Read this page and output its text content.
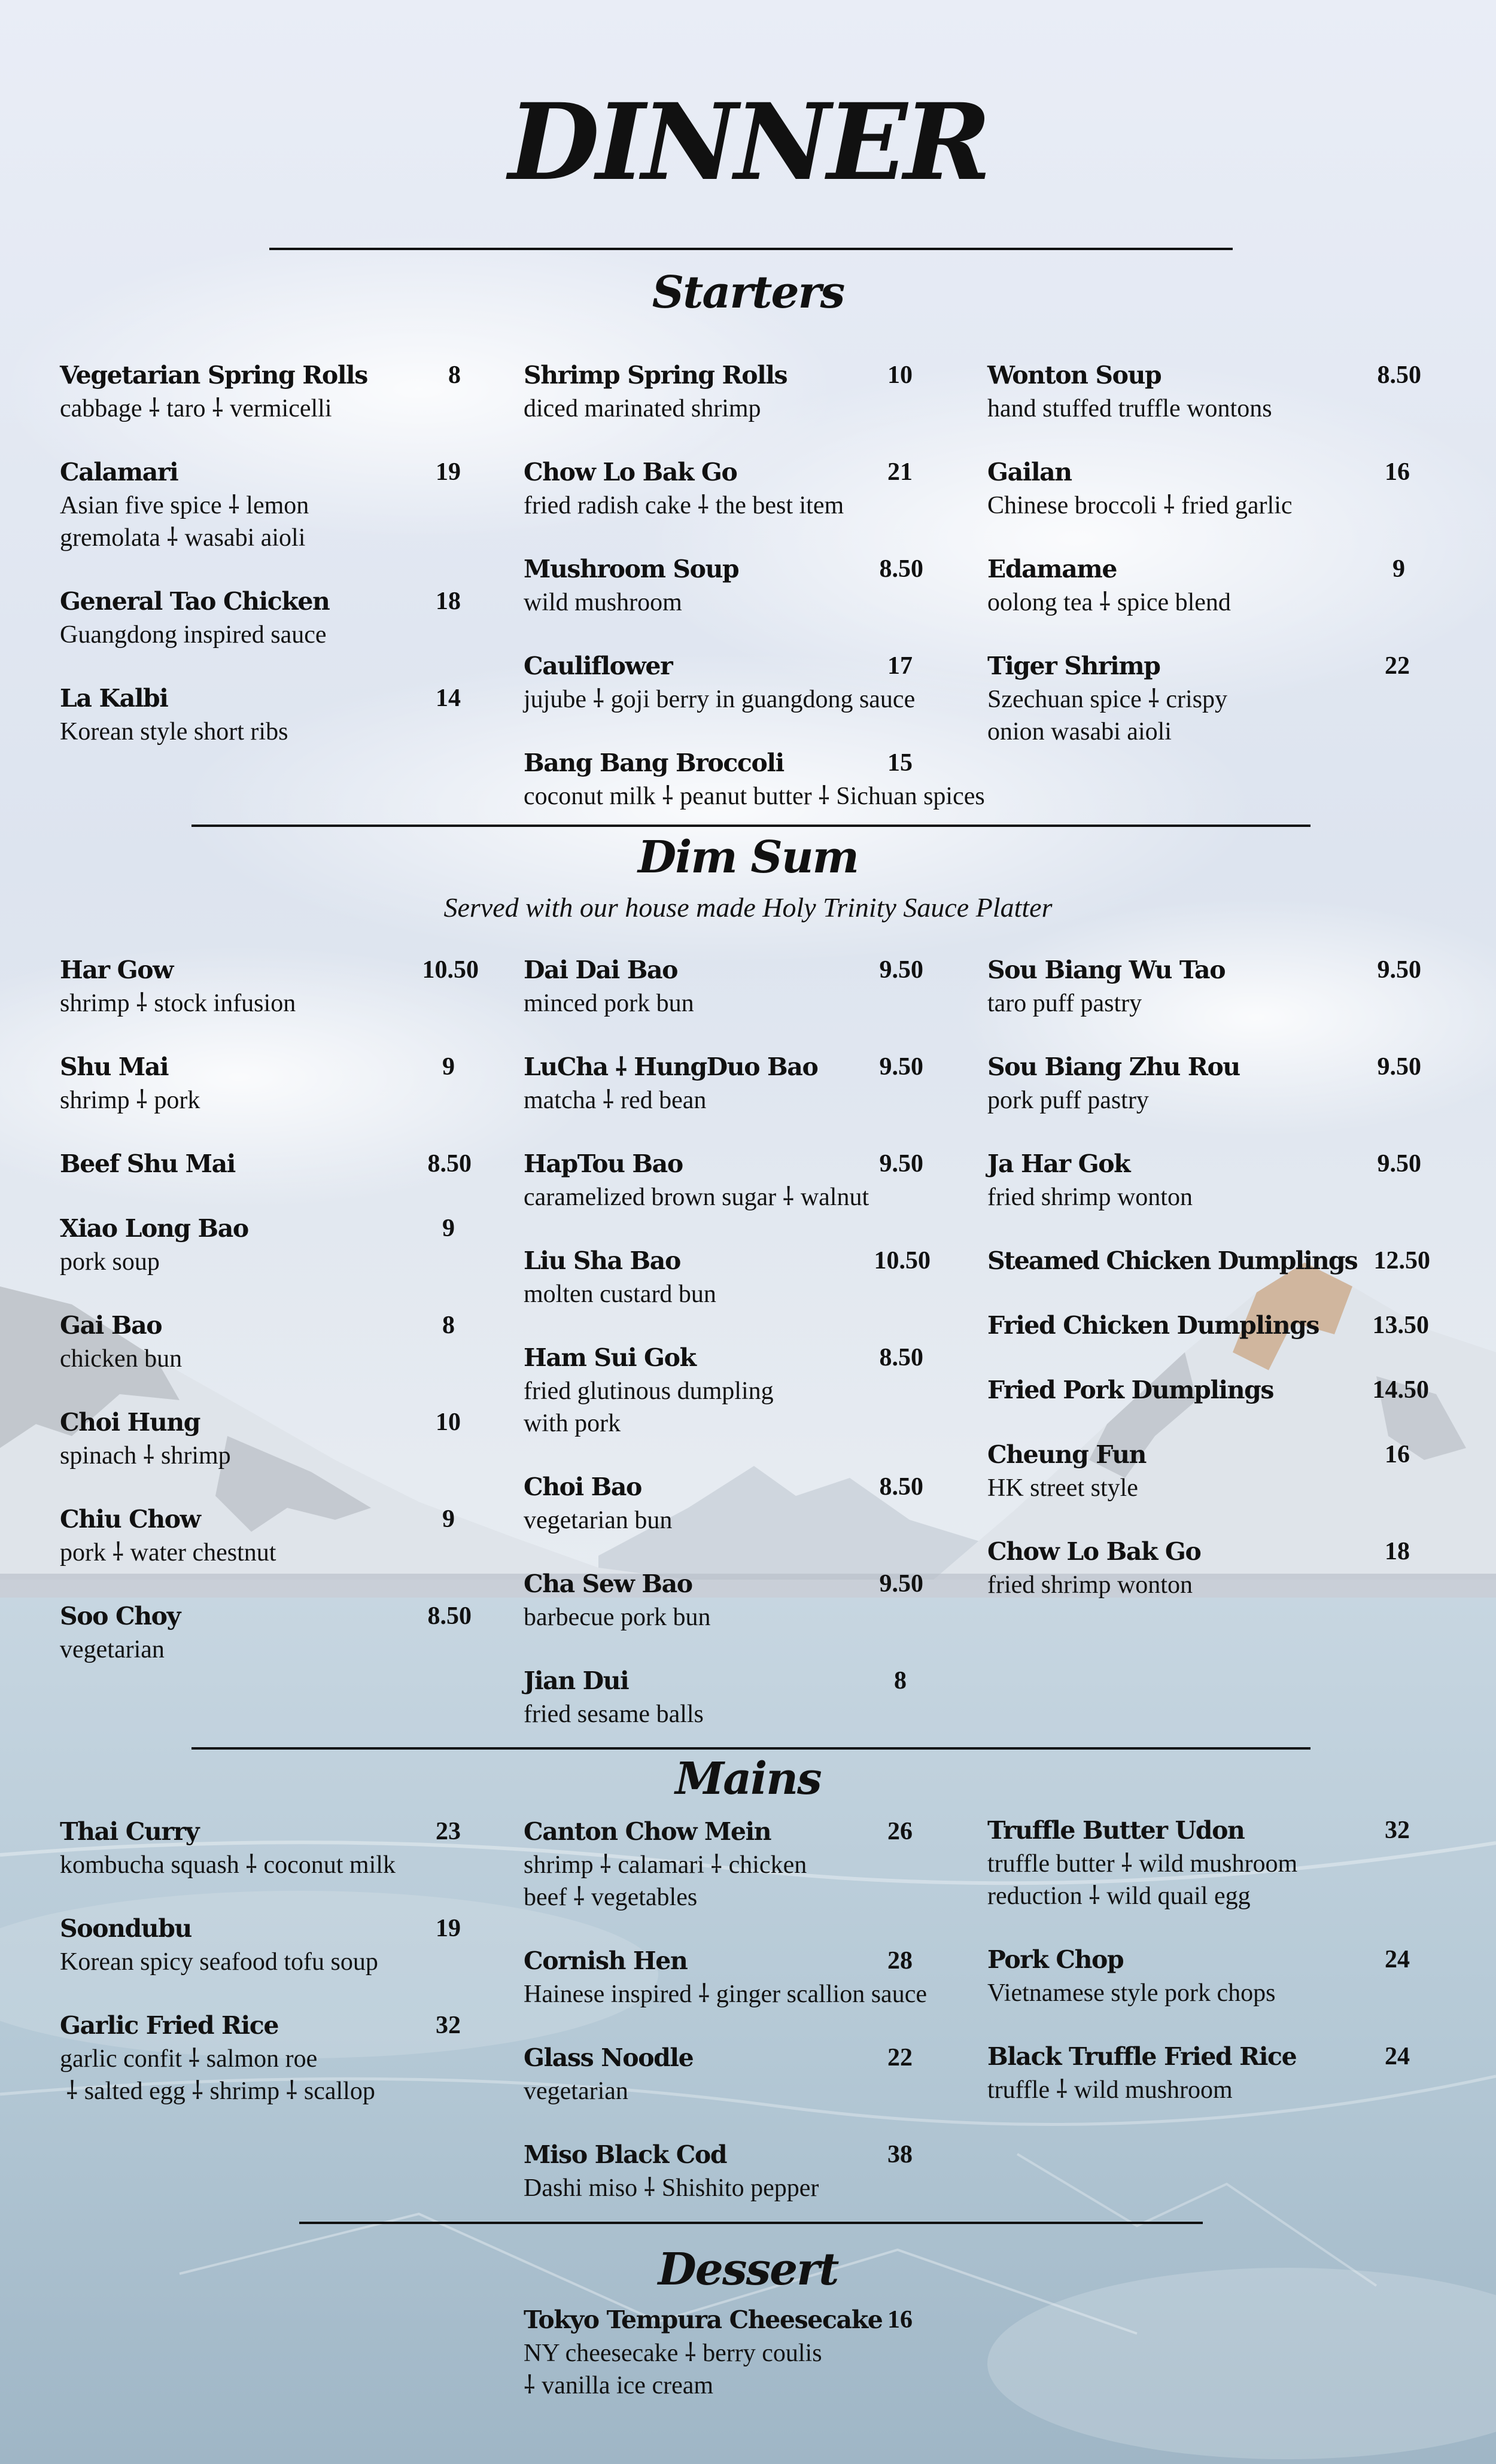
DINNER
Starters
Vegetarian Spring Rolls	8
cabbage ⸸ taro ⸸ vermicelli
Calamari	19
Asian five spice ⸸ lemon
gremolata ⸸ wasabi aioli
General Tao Chicken	18
Guangdong inspired sauce
La Kalbi	14
Korean style short ribs
Shrimp Spring Rolls	10
diced marinated shrimp
Chow Lo Bak Go	21
fried radish cake ⸸ the best item
Mushroom Soup	8.50
wild mushroom
Cauliflower	17
jujube ⸸ goji berry in guangdong sauce
Bang Bang Broccoli	15
coconut milk ⸸ peanut butter ⸸ Sichuan spices
Wonton Soup	8.50
hand stuffed truffle wontons
Gailan	16
Chinese broccoli ⸸ fried garlic
Edamame	9
oolong tea ⸸ spice blend
Tiger Shrimp	22
Szechuan spice ⸸ crispy
onion wasabi aioli
Dim Sum
Served with our house made Holy Trinity Sauce Platter
Har Gow	10.50
shrimp ⸸ stock infusion
Shu Mai	9
shrimp ⸸ pork
Beef Shu Mai	8.50
Xiao Long Bao	9
pork soup
Gai Bao	8
chicken bun
Choi Hung	10
spinach ⸸ shrimp
Chiu Chow	9
pork ⸸ water chestnut
Soo Choy	8.50
vegetarian
Dai Dai Bao	9.50
minced pork bun
LuCha ⸸ HungDuo Bao 9.50
matcha ⸸ red bean
HapTou Bao	9.50
caramelized brown sugar ⸸ walnut
Liu Sha Bao	10.50
molten custard bun
Ham Sui Gok	8.50
fried glutinous dumpling
with pork
Choi Bao	8.50
vegetarian bun
Cha Sew Bao	9.50
barbecue pork bun
Jian Dui	8
fried sesame balls
Sou Biang Wu Tao	9.50
taro puff pastry
Sou Biang Zhu Rou	9.50
pork puff pastry
Ja Har Gok	9.50
fried shrimp wonton
Steamed Chicken Dumplings 12.50
Fried Chicken Dumplings 13.50
Fried Pork Dumplings	14.50
Cheung Fun	16
HK street style
Chow Lo Bak Go	18
fried shrimp wonton
Mains
Thai Curry	23
kombucha squash ⸸ coconut milk
Soondubu	19
Korean spicy seafood tofu soup
Garlic Fried Rice	32
garlic confit ⸸ salmon roe
⸸ salted egg ⸸ shrimp ⸸ scallop
Canton Chow Mein	26
shrimp ⸸ calamari ⸸ chicken
beef ⸸ vegetables
Cornish Hen	28
Hainese inspired ⸸ ginger scallion sauce
Glass Noodle	22
vegetarian
Miso Black Cod	38
Dashi miso ⸸ Shishito pepper
Truffle Butter Udon	32
truffle butter ⸸ wild mushroom
reduction ⸸ wild quail egg
Pork Chop	24
Vietnamese style pork chops
Black Truffle Fried Rice	24
truffle ⸸ wild mushroom
Dessert
Tokyo Tempura Cheesecake 16
NY cheesecake ⸸ berry coulis
⸸ vanilla ice cream
